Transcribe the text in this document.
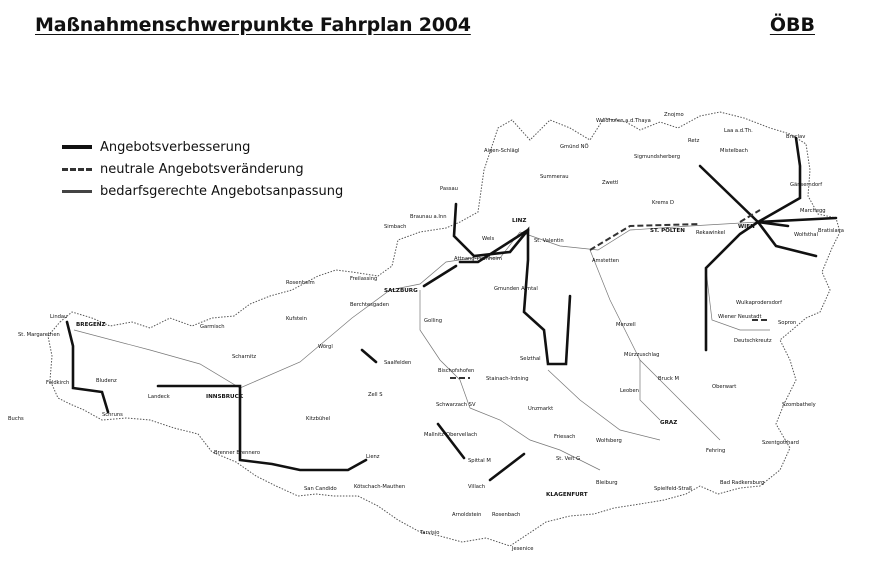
Maßnahmenschwerpunkte Fahrplan 2004	ÖBB
Angebotsverbesserung
neutrale Angebotsveränderung
bedarfsgerechte Angebotsanpassung
Znojmo
Laa a.d.Th.
Breclav
Waidhofen a.d.Thaya
Retz
Mistelbach
Aigen-Schlägl
Gmünd NÖ
Sigmundsherberg
Summerau
Zwettl	Gänserndorf
Passau
Krems D
Marchegg
Braunau a.Inn
Simbach
LINZ
ST. PÖLTEN Rekawinkel
WIEN
Wolfsthal
Bratislava
Wels	St. Valentin
Amstetten
Attnang-Puchheim
Rosenheim
Freilassing
SALZBURG	Gmunden Almtal
Berchtesgaden	Wulkaprodersdorf
Lindau
BREGENZ
Kufstein	Golling	Sopron
St. Margarethen
Garmisch
Wiener Neustadt
Deutschkreutz
Menzell
Scharnitz
Wörgl
Selzthal
Mürzzuschlag
Feldkirch	Bludenz
Saalfelden
Bischofshofen
Stainach-Irdning	Bruck M
Landeck	INNSBRUCK	Zell S
Leoben
Oberwart
Schruns
Buchs
Schwarzach SV
Unzmarkt
Szombathely
Kitzbühel
Friesach
GRAZ
Wolfsberg	Szentgotthard
Mallnitz-Obervellach
Brenner Brennero
Spittal M	St. Veit G
Fehring
Lienz
Villach
KLAGENFURT
Bleiburg
Spielfeld-Straß
San Candido	Kötschach-Mauthen
Bad Radkersburg
Arnoldstein Rosenbach
Tarvisio
Jesenice
